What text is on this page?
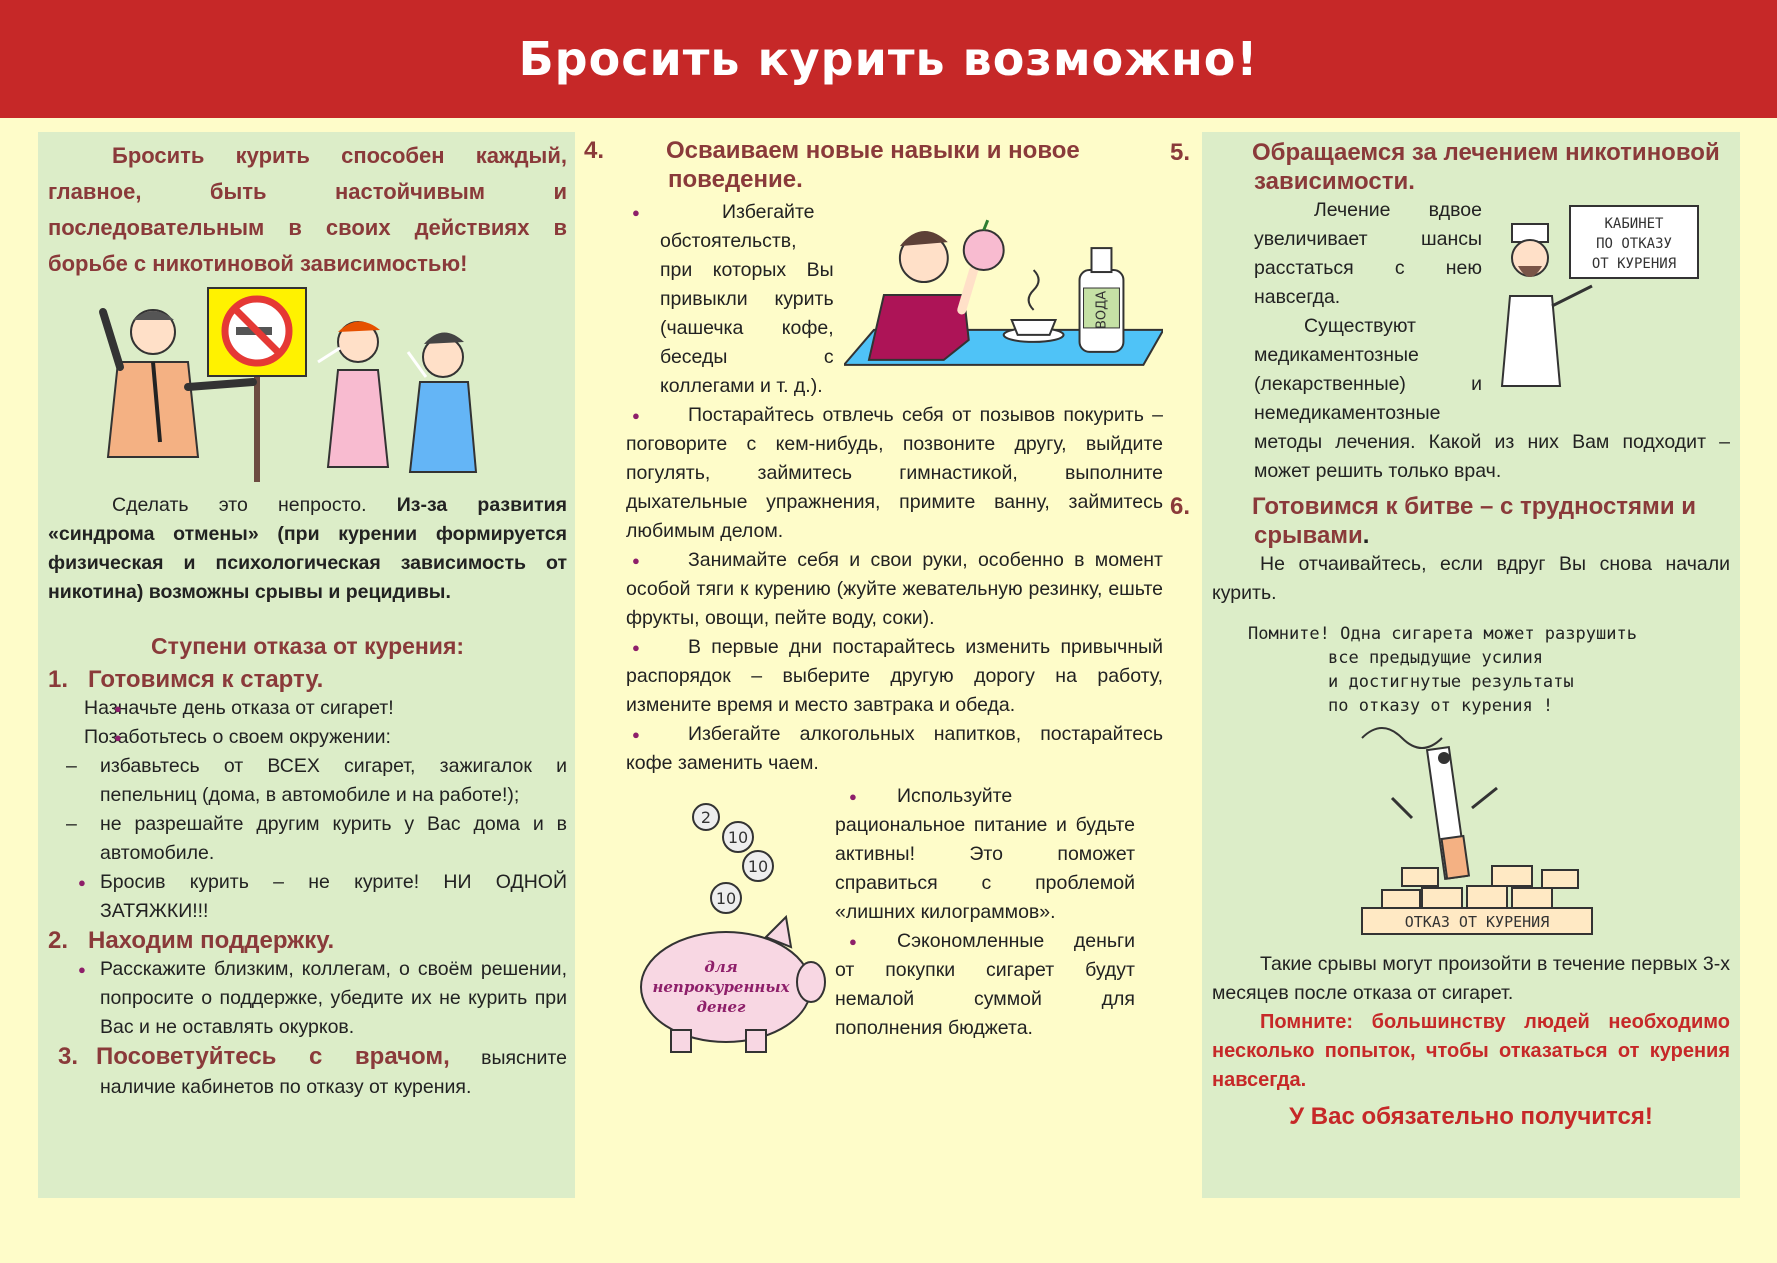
Бросить курить возможно!

Бросить курить способен каждый, главное, быть настойчивым и последовательным в своих действиях в борьбе с никотиновой зависимостью!

Сделать это непросто. Из-за развития «синдрома отмены» (при курении формируется физическая и психологическая зависимость от никотина) возможны срывы и рецидивы.

Ступени отказа от курения:
1. Готовимся к старту.

● Назначьте день отказа от сигарет!

● Позаботьтесь о своем окружении:

– избавьтесь от ВСЕХ сигарет, зажигалок и пепельниц (дома, в автомобиле и на работе!);

– не разрешайте другим курить у Вас дома и в автомобиле.

● Бросив курить – не курите! НИ ОДНОЙ ЗАТЯЖКИ!!!

2. Находим поддержку.

● Расскажите близким, коллегам, о своём решении, попросите о поддержке, убедите их не курить при Вас и не оставлять окурков.

3. Посоветуйтесь с врачом, выясните наличие кабинетов по отказу от курения.

4.	Осваиваем новые навыки и новое поведение.

●	Избегайте обстоятельств, при которых Вы привыкли курить (чашечка кофе, беседы с коллегами и т. д.).

ВОДА

● Постарайтесь отвлечь себя от позывов покурить – поговорите с кем-нибудь, позвоните другу, выйдите погулять, займитесь гимнастикой, выполните дыхательные упражнения, примите ванну, займитесь любимым делом.

● Занимайте себя и свои руки, особенно в момент особой тяги к курению (жуйте жевательную резинку, ешьте фрукты, овощи, пейте воду, соки).

● В первые дни постарайтесь изменить привычный распорядок – выберите другую дорогу на работу, измените время и место завтрака и обеда.

● Избегайте алкогольных напитков, постарайтесь кофе заменить чаем.

2
10
10
10
для
непрокуренных
денег

● Используйте рациональное питание и будьте активны! Это поможет справиться с проблемой «лишних килограммов».

● Сэкономленные деньги от покупки сигарет будут немалой суммой для пополнения бюджета.

5.	Обращаемся за лечением никотиновой зависимости.

Лечение вдвое увеличивает шансы расстаться с нею навсегда.

Существуют медикаментозные (лекарственные) и немедикаментозные

КАБИНЕТ
ПО ОТКАЗУ
ОТ КУРЕНИЯ

методы лечения. Какой из них Вам подходит – может решить только врач.

6.	Готовимся к битве – с трудностями и срывами.

Не отчаивайтесь, если вдруг Вы снова начали курить.

Помните! Одна сигарета может разрушить
все предыдущие усилия
и достигнутые результаты
по отказу от курения !
ОТКАЗ ОТ КУРЕНИЯ

Такие срывы могут произойти в течение первых 3-х месяцев после отказа от сигарет.

Помните: большинству людей необходимо несколько попыток, чтобы отказаться от курения навсегда.

У Вас обязательно получится!
